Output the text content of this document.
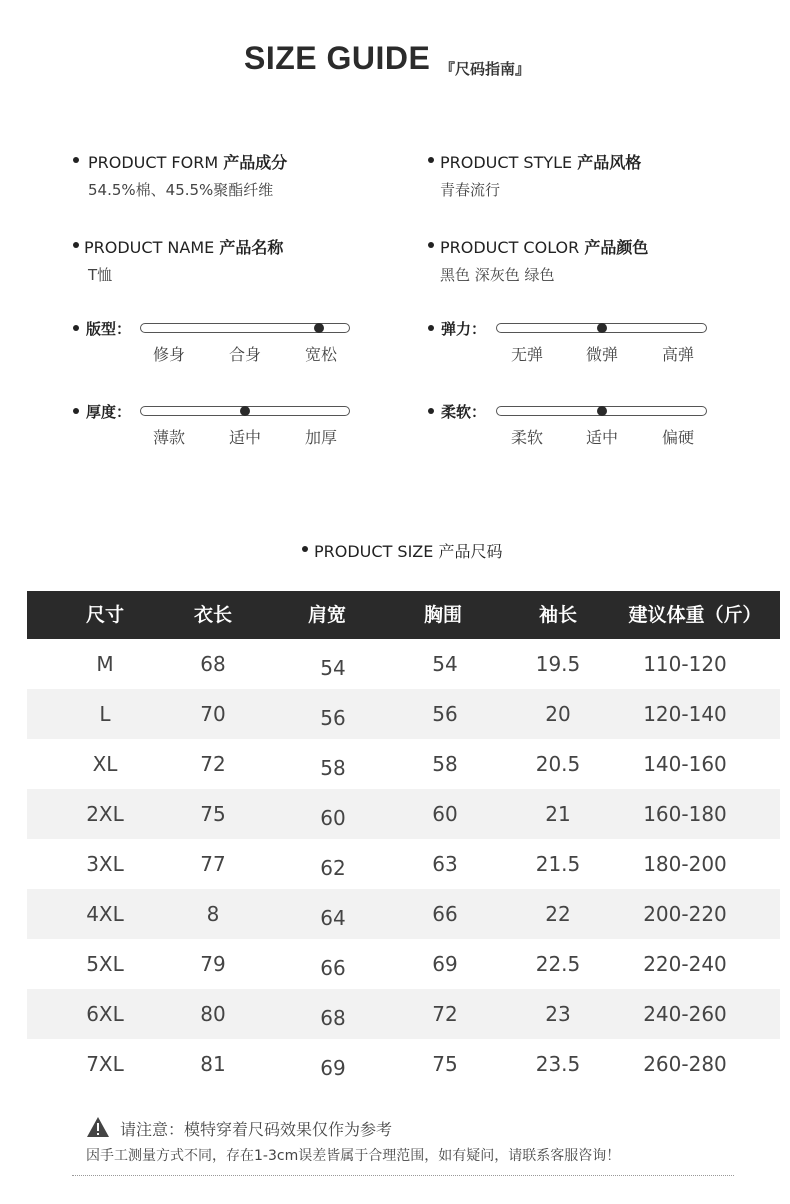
SIZE GUIDE 『尺码指南』
PRODUCT FORM 产品成分
54.5%棉、45.5%聚酯纤维
PRODUCT STYLE 产品风格
青春流行
PRODUCT NAME 产品名称
T恤
PRODUCT COLOR 产品颜色
黑色 深灰色 绿色
版型：
修身	合身	宽松
弹力：
无弹	微弹	高弹
厚度：
薄款	适中	加厚
柔软：
柔软	适中	偏硬
PRODUCT SIZE 产品尺码
尺寸	衣长	肩宽	胸围	袖长	建议体重（斤）
M	68	54	54	19.5	110-120
L	70	56	56	20	120-140
XL	72	58	58	20.5	140-160
2XL	75	60	60	21	160-180
3XL	77	62	63	21.5	180-200
4XL	8	64	66	22	200-220
5XL	79	66	69	22.5	220-240
6XL	80	68	72	23	240-260
7XL	81	69	75	23.5	260-280
请注意：模特穿着尺码效果仅作为参考
因手工测量方式不同，存在1-3cm误差皆属于合理范围，如有疑问，请联系客服咨询！
